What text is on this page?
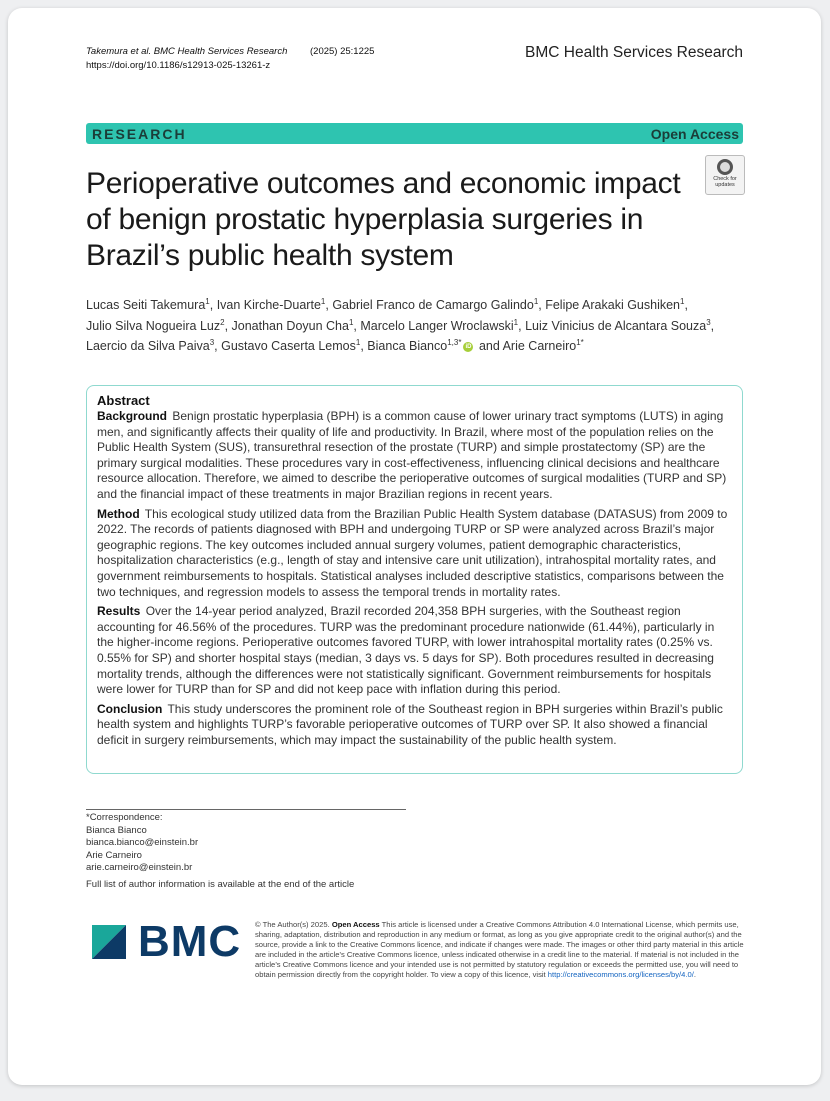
Takemura et al. BMC Health Services Research (2025) 25:1225
https://doi.org/10.1186/s12913-025-13261-z
BMC Health Services Research
RESEARCH	Open Access
Check for
updates
Perioperative outcomes and economic impact of benign prostatic hyperplasia surgeries in Brazil’s public health system
Lucas Seiti Takemura$^1$, Ivan Kirche-Duarte$^1$, Gabriel Franco de Camargo Galindo$^1$, Felipe Arakaki Gushiken$^1$,
Julio Silva Nogueira Luz$^2$, Jonathan Doyun Cha$^1$, Marcelo Langer Wroclawski$^1$, Luiz Vinicius de Alcantara Souza$^3$,
Laercio da Silva Paiva$^3$, Gustavo Caserta Lemos$^1$, Bianca Bianco$^{1,3*}$ iD and Arie Carneiro$^{1*}$
Abstract

Background Benign prostatic hyperplasia (BPH) is a common cause of lower urinary tract symptoms (LUTS) in aging men, and significantly affects their quality of life and productivity. In Brazil, where most of the population relies on the Public Health System (SUS), transurethral resection of the prostate (TURP) and simple prostatectomy (SP) are the primary surgical modalities. These procedures vary in cost-effectiveness, influencing clinical decisions and healthcare resource allocation. Therefore, we aimed to describe the perioperative outcomes of surgical modalities (TURP and SP) and the financial impact of these treatments in major Brazilian regions in recent years.

Method This ecological study utilized data from the Brazilian Public Health System database (DATASUS) from 2009 to 2022. The records of patients diagnosed with BPH and undergoing TURP or SP were analyzed across Brazil’s major geographic regions. The key outcomes included annual surgery volumes, patient demographic characteristics, hospitalization characteristics (e.g., length of stay and intensive care unit utilization), intrahospital mortality rates, and government reimbursements to hospitals. Statistical analyses included descriptive statistics, comparisons between the two techniques, and regression models to assess the temporal trends in mortality rates.

Results Over the 14-year period analyzed, Brazil recorded 204,358 BPH surgeries, with the Southeast region accounting for 46.56% of the procedures. TURP was the predominant procedure nationwide (61.44%), particularly in the higher-income regions. Perioperative outcomes favored TURP, with lower intrahospital mortality rates (0.25% vs. 0.55% for SP) and shorter hospital stays (median, 3 days vs. 5 days for SP). Both procedures resulted in decreasing mortality trends, although the differences were not statistically significant. Government reimbursements for hospitals were lower for TURP than for SP and did not keep pace with inflation during this period.

Conclusion This study underscores the prominent role of the Southeast region in BPH surgeries within Brazil’s public health system and highlights TURP’s favorable perioperative outcomes of TURP over SP. It also showed a financial deficit in surgery reimbursements, which may impact the sustainability of the public health system.

*Correspondence:
Bianca Bianco
bianca.bianco@einstein.br
Arie Carneiro
arie.carneiro@einstein.br
Full list of author information is available at the end of the article
BMC © The Author(s) 2025. Open Access This article is licensed under a Creative Commons Attribution 4.0 International License, which permits use, sharing, adaptation, distribution and reproduction in any medium or format, as long as you give appropriate credit to the original author(s) and the source, provide a link to the Creative Commons licence, and indicate if changes were made. The images or other third party material in this article are included in the article’s Creative Commons licence, unless indicated otherwise in a credit line to the material. If material is not included in the article’s Creative Commons licence and your intended use is not permitted by statutory regulation or exceeds the permitted use, you will need to obtain permission directly from the copyright holder. To view a copy of this licence, visit http://creativecommons.org/licenses/by/4.0/.
